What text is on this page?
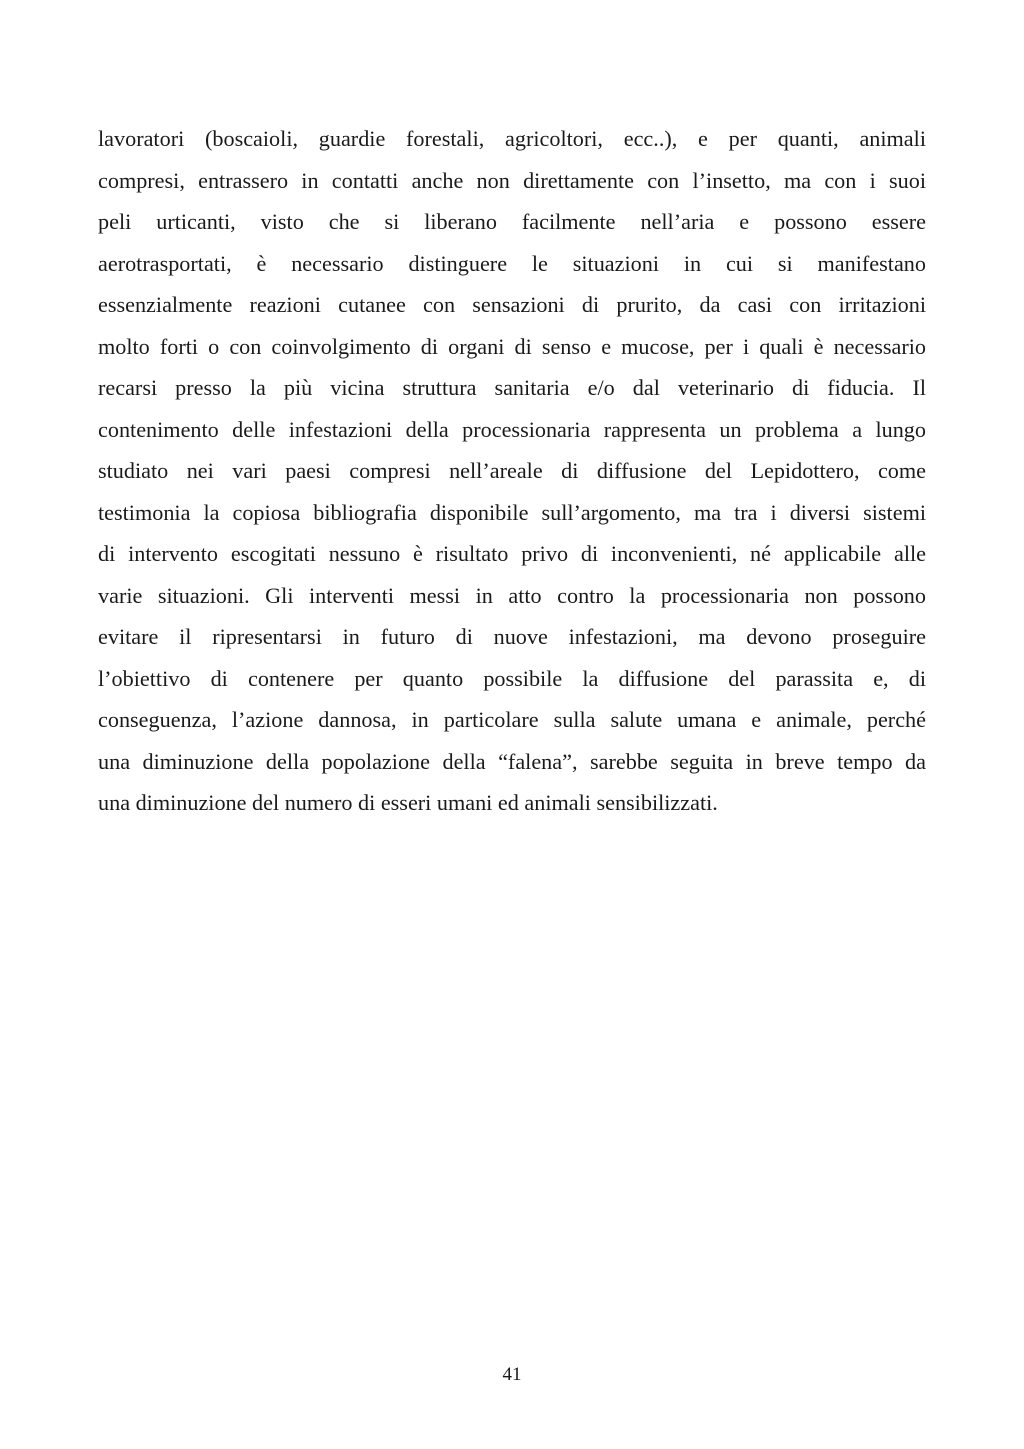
lavoratori (boscaioli, guardie forestali, agricoltori, ecc..), e per quanti, animali
compresi, entrassero in contatti anche non direttamente con l’insetto, ma con i suoi
peli urticanti, visto che si liberano facilmente nell’aria e possono essere
aerotrasportati, è necessario distinguere le situazioni in cui si manifestano
essenzialmente reazioni cutanee con sensazioni di prurito, da casi con irritazioni
molto forti o con coinvolgimento di organi di senso e mucose, per i quali è necessario
recarsi presso la più vicina struttura sanitaria e/o dal veterinario di fiducia. Il
contenimento delle infestazioni della processionaria rappresenta un problema a lungo
studiato nei vari paesi compresi nell’areale di diffusione del Lepidottero, come
testimonia la copiosa bibliografia disponibile sull’argomento, ma tra i diversi sistemi
di intervento escogitati nessuno è risultato privo di inconvenienti, né applicabile alle
varie situazioni. Gli interventi messi in atto contro la processionaria non possono
evitare il ripresentarsi in futuro di nuove infestazioni, ma devono proseguire
l’obiettivo di contenere per quanto possibile la diffusione del parassita e, di
conseguenza, l’azione dannosa, in particolare sulla salute umana e animale, perché
una diminuzione della popolazione della “falena”, sarebbe seguita in breve tempo da
una diminuzione del numero di esseri umani ed animali sensibilizzati.
41
